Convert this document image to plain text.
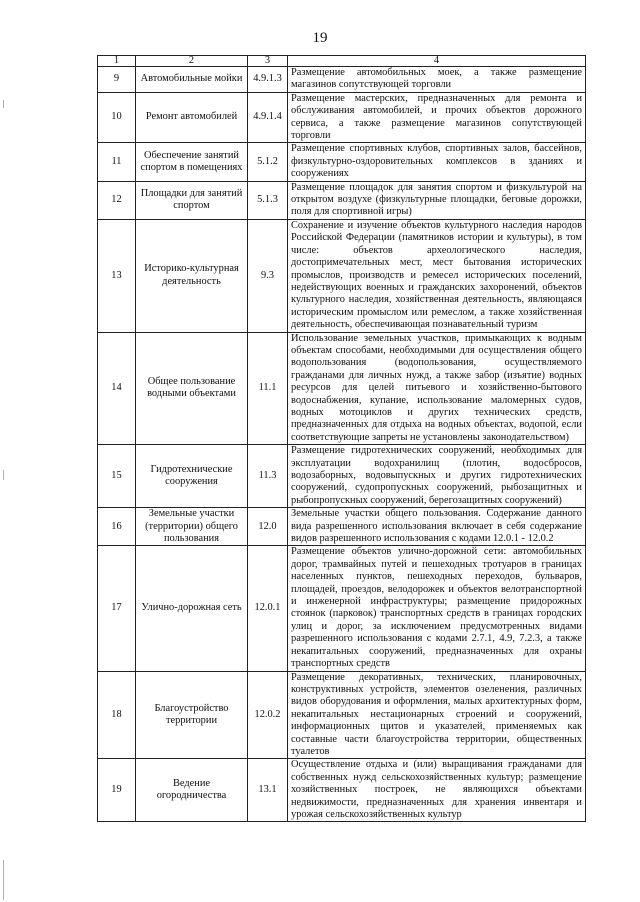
19
1	2	3	4
9	Автомобильные мойки	4.9.1.3	Размещение автомобильных моек, а также размещение магазинов сопутствующей торговли
10	Ремонт автомобилей	4.9.1.4	Размещение мастерских, предназначенных для ремонта и обслуживания автомобилей, и прочих объектов дорожного сервиса, а также размещение магазинов сопутствующей торговли
11	Обеспечение занятий спортом в помещениях	5.1.2	Размещение спортивных клубов, спортивных залов, бассейнов, физкультурно-оздоровительных комплексов в зданиях и сооружениях
12	Площадки для занятий спортом	5.1.3	Размещение площадок для занятия спортом и физкультурой на открытом воздухе (физкультурные площадки, беговые дорожки, поля для спортивной игры)
13	Историко-культурная деятельность	9.3	Сохранение и изучение объектов культурного наследия народов Российской Федерации (памятников истории и культуры), в том числе: объектов археологического наследия, достопримечательных мест, мест бытования исторических промыслов, производств и ремесел исторических поселений, недействующих военных и гражданских захоронений, объектов культурного наследия, хозяйственная деятельность, являющаяся историческим промыслом или ремеслом, а также хозяйственная деятельность, обеспечивающая познавательный туризм
14	Общее пользование водными объектами	11.1	Использование земельных участков, примыкающих к водным объектам способами, необходимыми для осуществления общего водопользования (водопользования, осуществляемого гражданами для личных нужд, а также забор (изъятие) водных ресурсов для целей питьевого и хозяйственно-бытового водоснабжения, купание, использование маломерных судов, водных мотоциклов и других технических средств, предназначенных для отдыха на водных объектах, водопой, если соответствующие запреты не установлены законодательством)
15	Гидротехнические сооружения	11.3	Размещение гидротехнических сооружений, необходимых для эксплуатации водохранилищ (плотин, водосбросов, водозаборных, водовыпускных и других гидротехнических сооружений, судопропускных сооружений, рыбозащитных и рыбопропускных сооружений, берегозащитных сооружений)
16	Земельные участки (территории) общего пользования	12.0	Земельные участки общего пользования. Содержание данного вида разрешенного использования включает в себя содержание видов разрешенного использования с кодами 12.0.1 - 12.0.2
17	Улично-дорожная сеть	12.0.1	Размещение объектов улично-дорожной сети: автомобильных дорог, трамвайных путей и пешеходных тротуаров в границах населенных пунктов, пешеходных переходов, бульваров, площадей, проездов, велодорожек и объектов велотранспортной и инженерной инфраструктуры; размещение придорожных стоянок (парковок) транспортных средств в границах городских улиц и дорог, за исключением предусмотренных видами разрешенного использования с кодами 2.7.1, 4.9, 7.2.3, а также некапитальных сооружений, предназначенных для охраны транспортных средств
18	Благоустройство территории	12.0.2	Размещение декоративных, технических, планировочных, конструктивных устройств, элементов озеленения, различных видов оборудования и оформления, малых архитектурных форм, некапитальных нестационарных строений и сооружений, информационных щитов и указателей, применяемых как составные части благоустройства территории, общественных туалетов
19	Ведение огородничества	13.1	Осуществление отдыха и (или) выращивания гражданами для собственных нужд сельскохозяйственных культур; размещение хозяйственных построек, не являющихся объектами недвижимости, предназначенных для хранения инвентаря и урожая сельскохозяйственных культур
